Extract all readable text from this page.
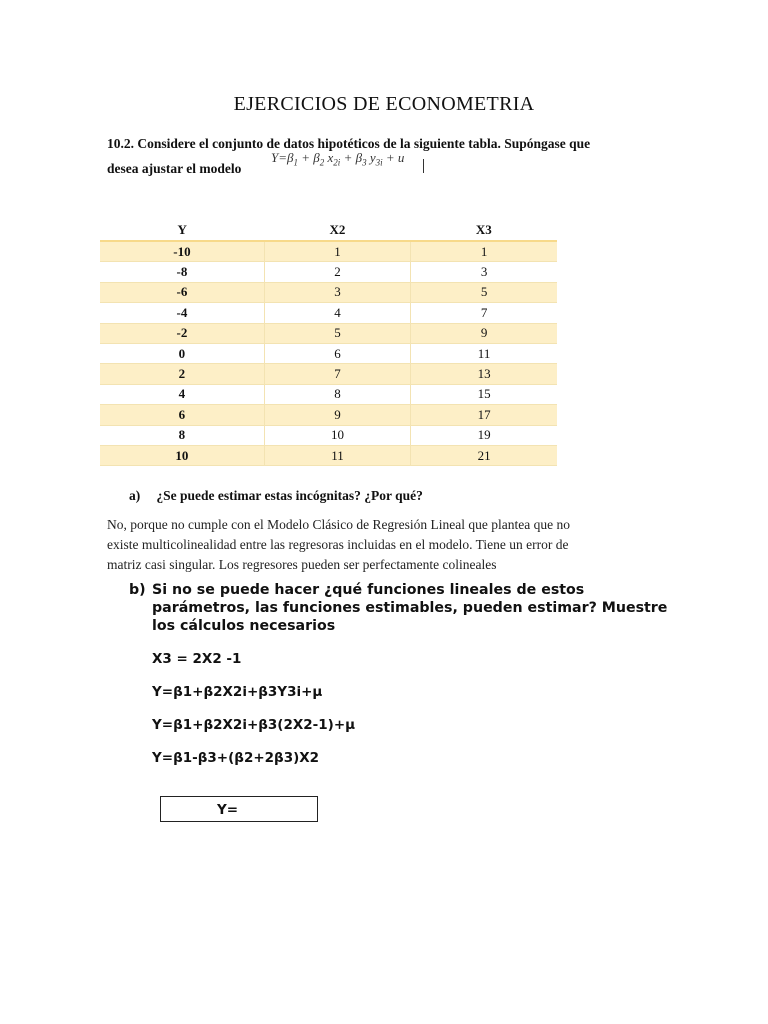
EJERCICIOS DE ECONOMETRIA
10.2. Considere el conjunto de datos hipotéticos de la siguiente tabla. Supóngase que
desea ajustar el modelo
$Y=\beta_1 + \beta_2$ $x_{2i} + \beta_3$ $y_{3i} + u$
Y	X2	X3
-10	1	1
-8	2	3
-6	3	5
-4	4	7
-2	5	9
0	6	11
2	7	13
4	8	15
6	9	17
8	10	19
10	11	21
a) ¿Se puede estimar estas incógnitas? ¿Por qué?
No, porque no cumple con el Modelo Clásico de Regresión Lineal que plantea que no
existe multicolinealidad entre las regresoras incluidas en el modelo. Tiene un error de
matriz casi singular. Los regresores pueden ser perfectamente colineales
b) Si no se puede hacer ¿qué funciones lineales de estos parámetros, las funciones estimables, pueden estimar? Muestre los cálculos necesarios
X3 = 2X2 -1
Y=β1+β2X2i+β3Y3i+µ
Y=β1+β2X2i+β3(2X2-1)+µ
Y=β1-β3+(β2+2β3)X2
Y=
